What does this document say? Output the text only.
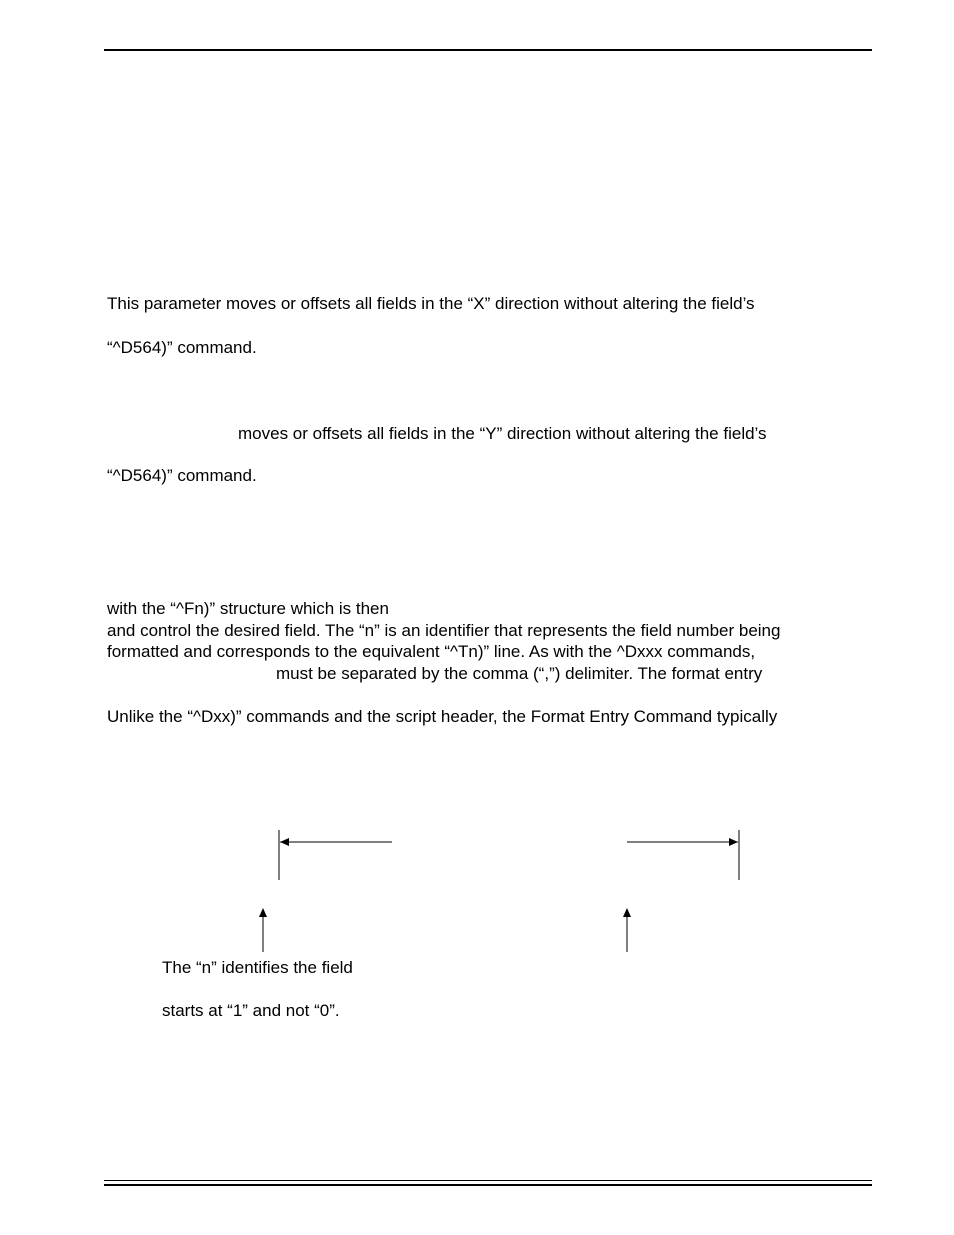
This parameter moves or offsets all fields in the “X” direction without altering the field’s
“^D564)” command.
moves or offsets all fields in the “Y” direction without altering the field’s
“^D564)” command.
with the “^Fn)” structure which is then
and control the desired field. The “n” is an identifier that represents the field number being
formatted and corresponds to the equivalent “^Tn)” line. As with the ^Dxxx commands,
must be separated by the comma (“,”) delimiter. The format entry
Unlike the “^Dxx)” commands and the script header, the Format Entry Command typically
The “n” identifies the field
starts at “1” and not “0”.
